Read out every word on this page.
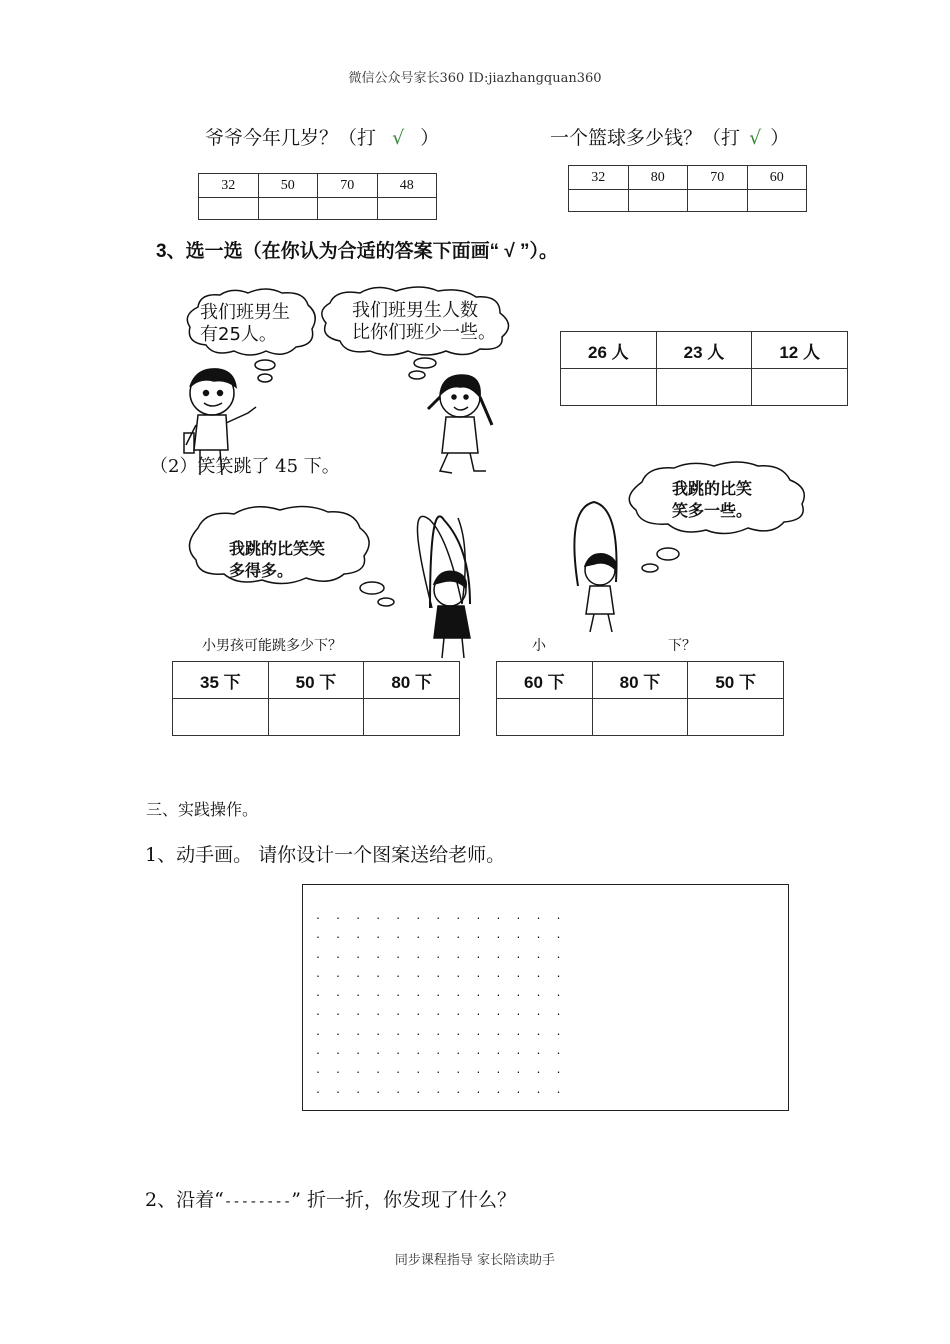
微信公众号家长360 ID:jiazhangquan360
爷爷今年几岁？（打 √ ）
32	50	70	48

一个篮球多少钱？（打 √ ）
32	80	70	60

3、选一选（在你认为合适的答案下面画“ √ ”）。
我们班男生
有25人。
我们班男生人数
比你们班少一些。
26 人	23 人	12 人

（2）笑笑跳了 45 下。
我跳的比笑笑
多得多。
我跳的比笑
笑多一些。
小男孩可能跳多少下？	小	下？
35 下	50 下	80 下
			60 下	80 下	50 下

三、实践操作。
1、动手画。 请你设计一个图案送给老师。
. . . . . . . . . . . . .
. . . . . . . . . . . . .
. . . . . . . . . . . . .
. . . . . . . . . . . . .
. . . . . . . . . . . . .
. . . . . . . . . . . . .
. . . . . . . . . . . . .
. . . . . . . . . . . . .
. . . . . . . . . . . . .
. . . . . . . . . . . . .
2、沿着“--------” 折一折，你发现了什么？
同步课程指导 家长陪读助手
